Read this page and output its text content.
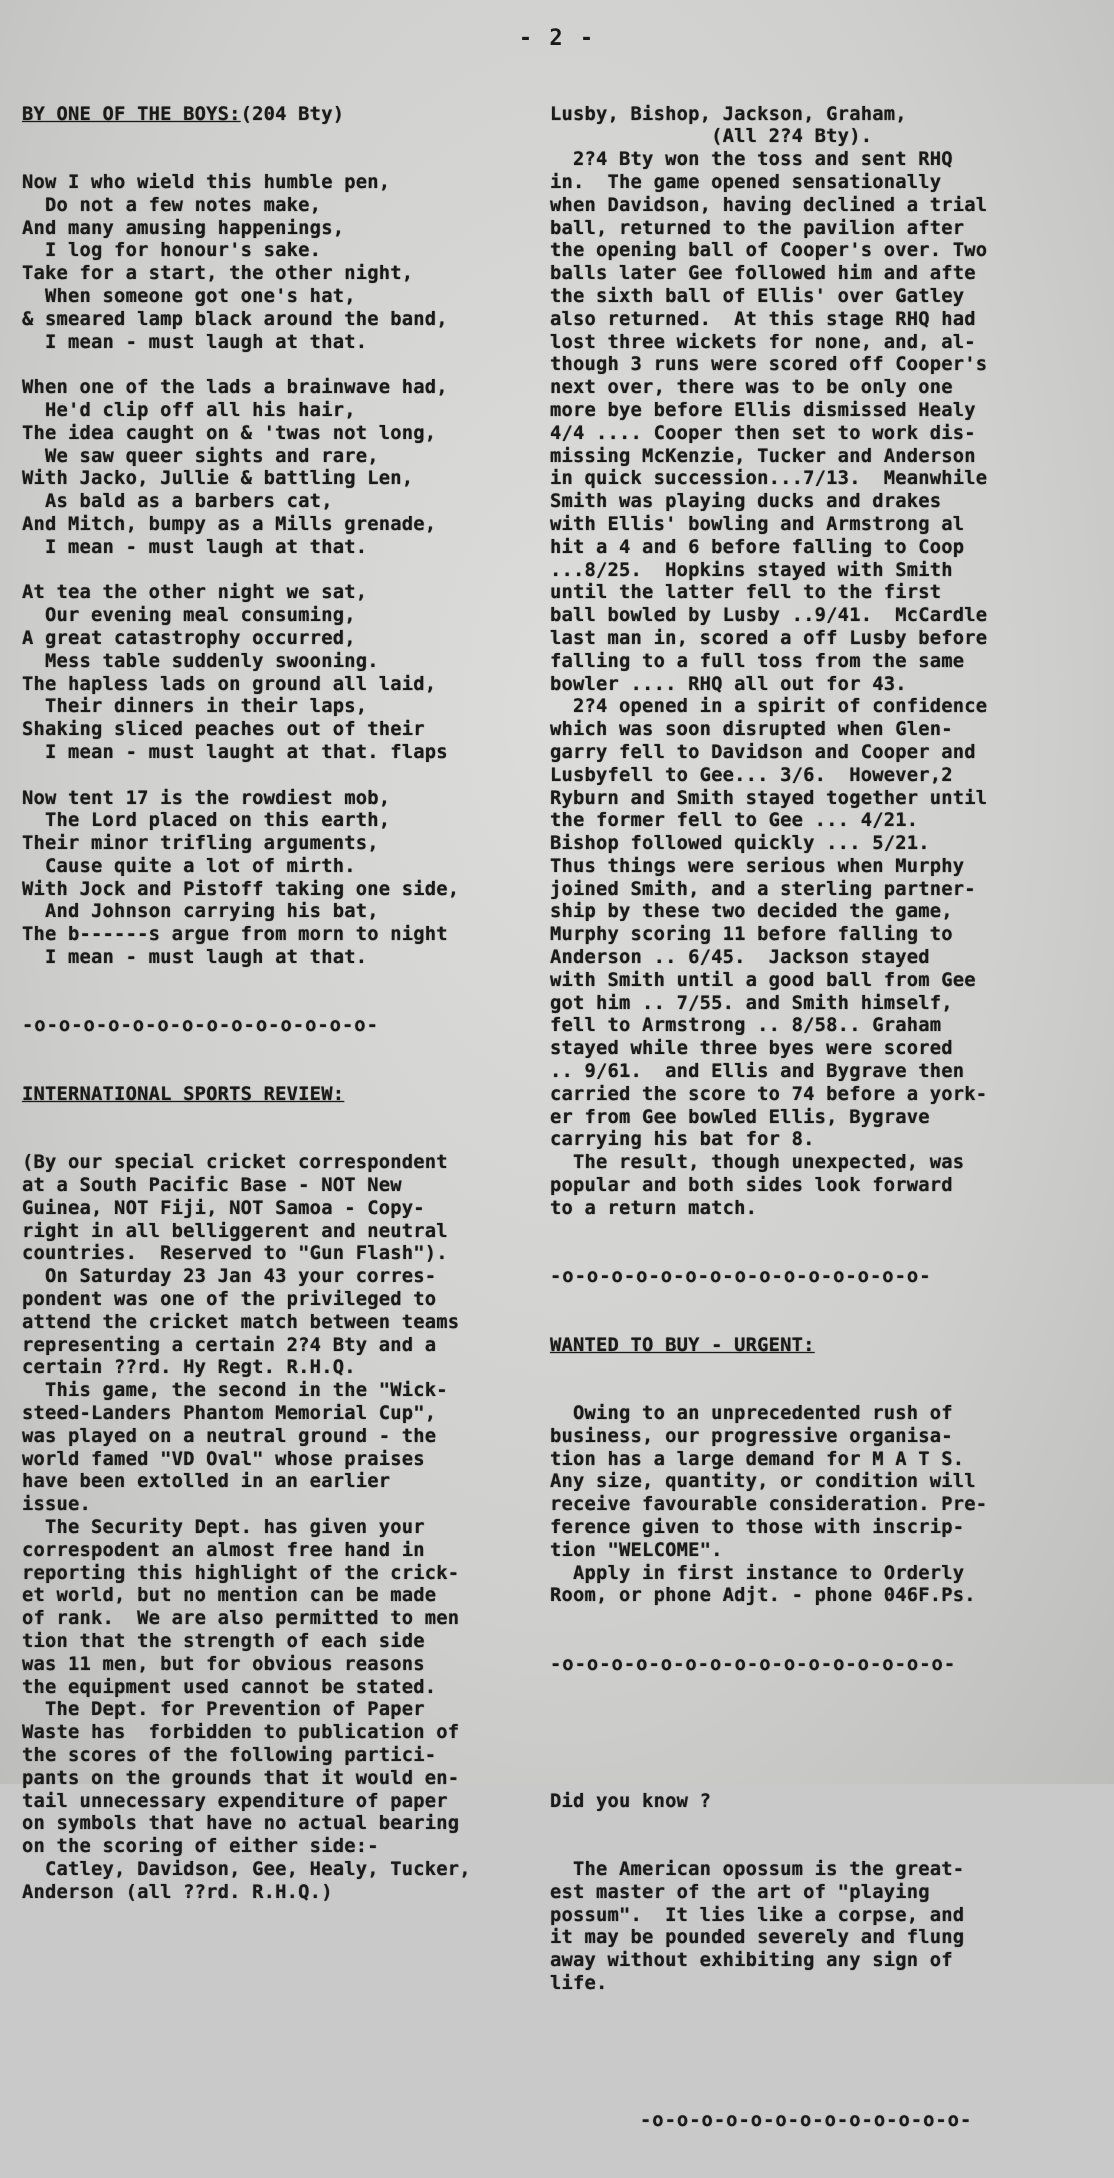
- 2 -

BY ONE OF THE BOYS:(204 Bty)

Now I who wield this humble pen,
Do not a few notes make,
And many amusing happenings,
I log for honour's sake.
Take for a start, the other night,
When someone got one's hat,
& smeared lamp black around the band,
I mean - must laugh at that.
When one of the lads a brainwave had,
He'd clip off all his hair,
The idea caught on & 'twas not long,
We saw queer sights and rare,
With Jacko, Jullie & battling Len,
As bald as a barbers cat,
And Mitch, bumpy as a Mills grenade,
I mean - must laugh at that.
At tea the other night we sat,
Our evening meal consuming,
A great catastrophy occurred,
Mess table suddenly swooning.
The hapless lads on ground all laid,
Their dinners in their laps,
Shaking sliced peaches out of their
I mean - must laught at that. flaps
Now tent 17 is the rowdiest mob,
The Lord placed on this earth,
Their minor trifling arguments,
Cause quite a lot of mirth.
With Jock and Pistoff taking one side,
And Johnson carrying his bat,
The b------s argue from morn to night
I mean - must laugh at that.

-o-o-o-o-o-o-o-o-o-o-o-o-o-o-

INTERNATIONAL SPORTS REVIEW:

(By our special cricket correspondent
at a South Pacific Base - NOT New
Guinea, NOT Fiji, NOT Samoa - Copy-
right in all belliggerent and neutral
countries.  Reserved to "Gun Flash").
On Saturday 23 Jan 43 your corres-
pondent was one of the privileged to
attend the cricket match between teams
representing a certain 2?4 Bty and a
certain ??rd. Hy Regt. R.H.Q.
This game, the second in the "Wick-
steed-Landers Phantom Memorial Cup",
was played on a neutral ground - the
world famed "VD Oval" whose praises
have been extolled in an earlier
issue.
The Security Dept. has given your
correspodent an almost free hand in
reporting this highlight of the crick-
et world, but no mention can be made
of rank.  We are also permitted to men
tion that the strength of each side
was 11 men, but for obvious reasons
the equipment used cannot be stated.
The Dept. for Prevention of Paper
Waste has  forbidden to publication of
the scores of the following partici-
pants on the grounds that it would en-
tail unnecessary expenditure of paper
on symbols that have no actual bearing
on the scoring of either side:-
Catley, Davidson, Gee, Healy, Tucker,
Anderson (all ??rd. R.H.Q.)

Lusby, Bishop, Jackson, Graham,
(All 2?4 Bty).
2?4 Bty won the toss and sent RHQ
in.  The game opened sensationally
when Davidson, having declined a trial
ball, returned to the pavilion after
the opening ball of Cooper's over. Two
balls later Gee followed him and afte
the sixth ball of Ellis' over Gatley
also returned.  At this stage RHQ had
lost three wickets for none, and, al-
though 3 runs were scored off Cooper's
next over, there was to be only one
more bye before Ellis dismissed Healy
4/4 .... Cooper then set to work dis-
missing McKenzie, Tucker and Anderson
in quick succession...7/13.  Meanwhile
Smith was playing ducks and drakes
with Ellis' bowling and Armstrong al
hit a 4 and 6 before falling to Coop
...8/25.  Hopkins stayed with Smith
until the latter fell to the first
ball bowled by Lusby ..9/41.  McCardle
last man in, scored a off Lusby before
falling to a full toss from the same
bowler .... RHQ all out for 43.
2?4 opened in a spirit of confidence
which was soon disrupted when Glen-
garry fell to Davidson and Cooper and
Lusbyfell to Gee... 3/6.  However,2
Ryburn and Smith stayed together until
the former fell to Gee ... 4/21.
Bishop followed quickly ... 5/21.
Thus things were serious when Murphy
joined Smith, and a sterling partner-
ship by these two decided the game,
Murphy scoring 11 before falling to
Anderson .. 6/45.  Jackson stayed
with Smith until a good ball from Gee
got him .. 7/55. and Smith himself,
fell to Armstrong .. 8/58.. Graham
stayed while three byes were scored
.. 9/61.  and Ellis and Bygrave then
carried the score to 74 before a york-
er from Gee bowled Ellis, Bygrave
carrying his bat for 8.
The result, though unexpected, was
popular and both sides look forward
to a return match.

-o-o-o-o-o-o-o-o-o-o-o-o-o-o-o-

WANTED TO BUY - URGENT:

Owing to an unprecedented rush of
business, our progressive organisa-
tion has a large demand for M A T S.
Any size, quantity, or condition will
receive favourable consideration. Pre-
ference given to those with inscrip-
tion "WELCOME".
Apply in first instance to Orderly
Room, or phone Adjt. - phone 046F.Ps.

-o-o-o-o-o-o-o-o-o-o-o-o-o-o-o-o-

Did you know ?

The American opossum is the great-
est master of the art of "playing
possum".  It lies like a corpse, and
it may be pounded severely and flung
away without exhibiting any sign of
life.

-o-o-o-o-o-o-o-o-o-o-o-o-o-
